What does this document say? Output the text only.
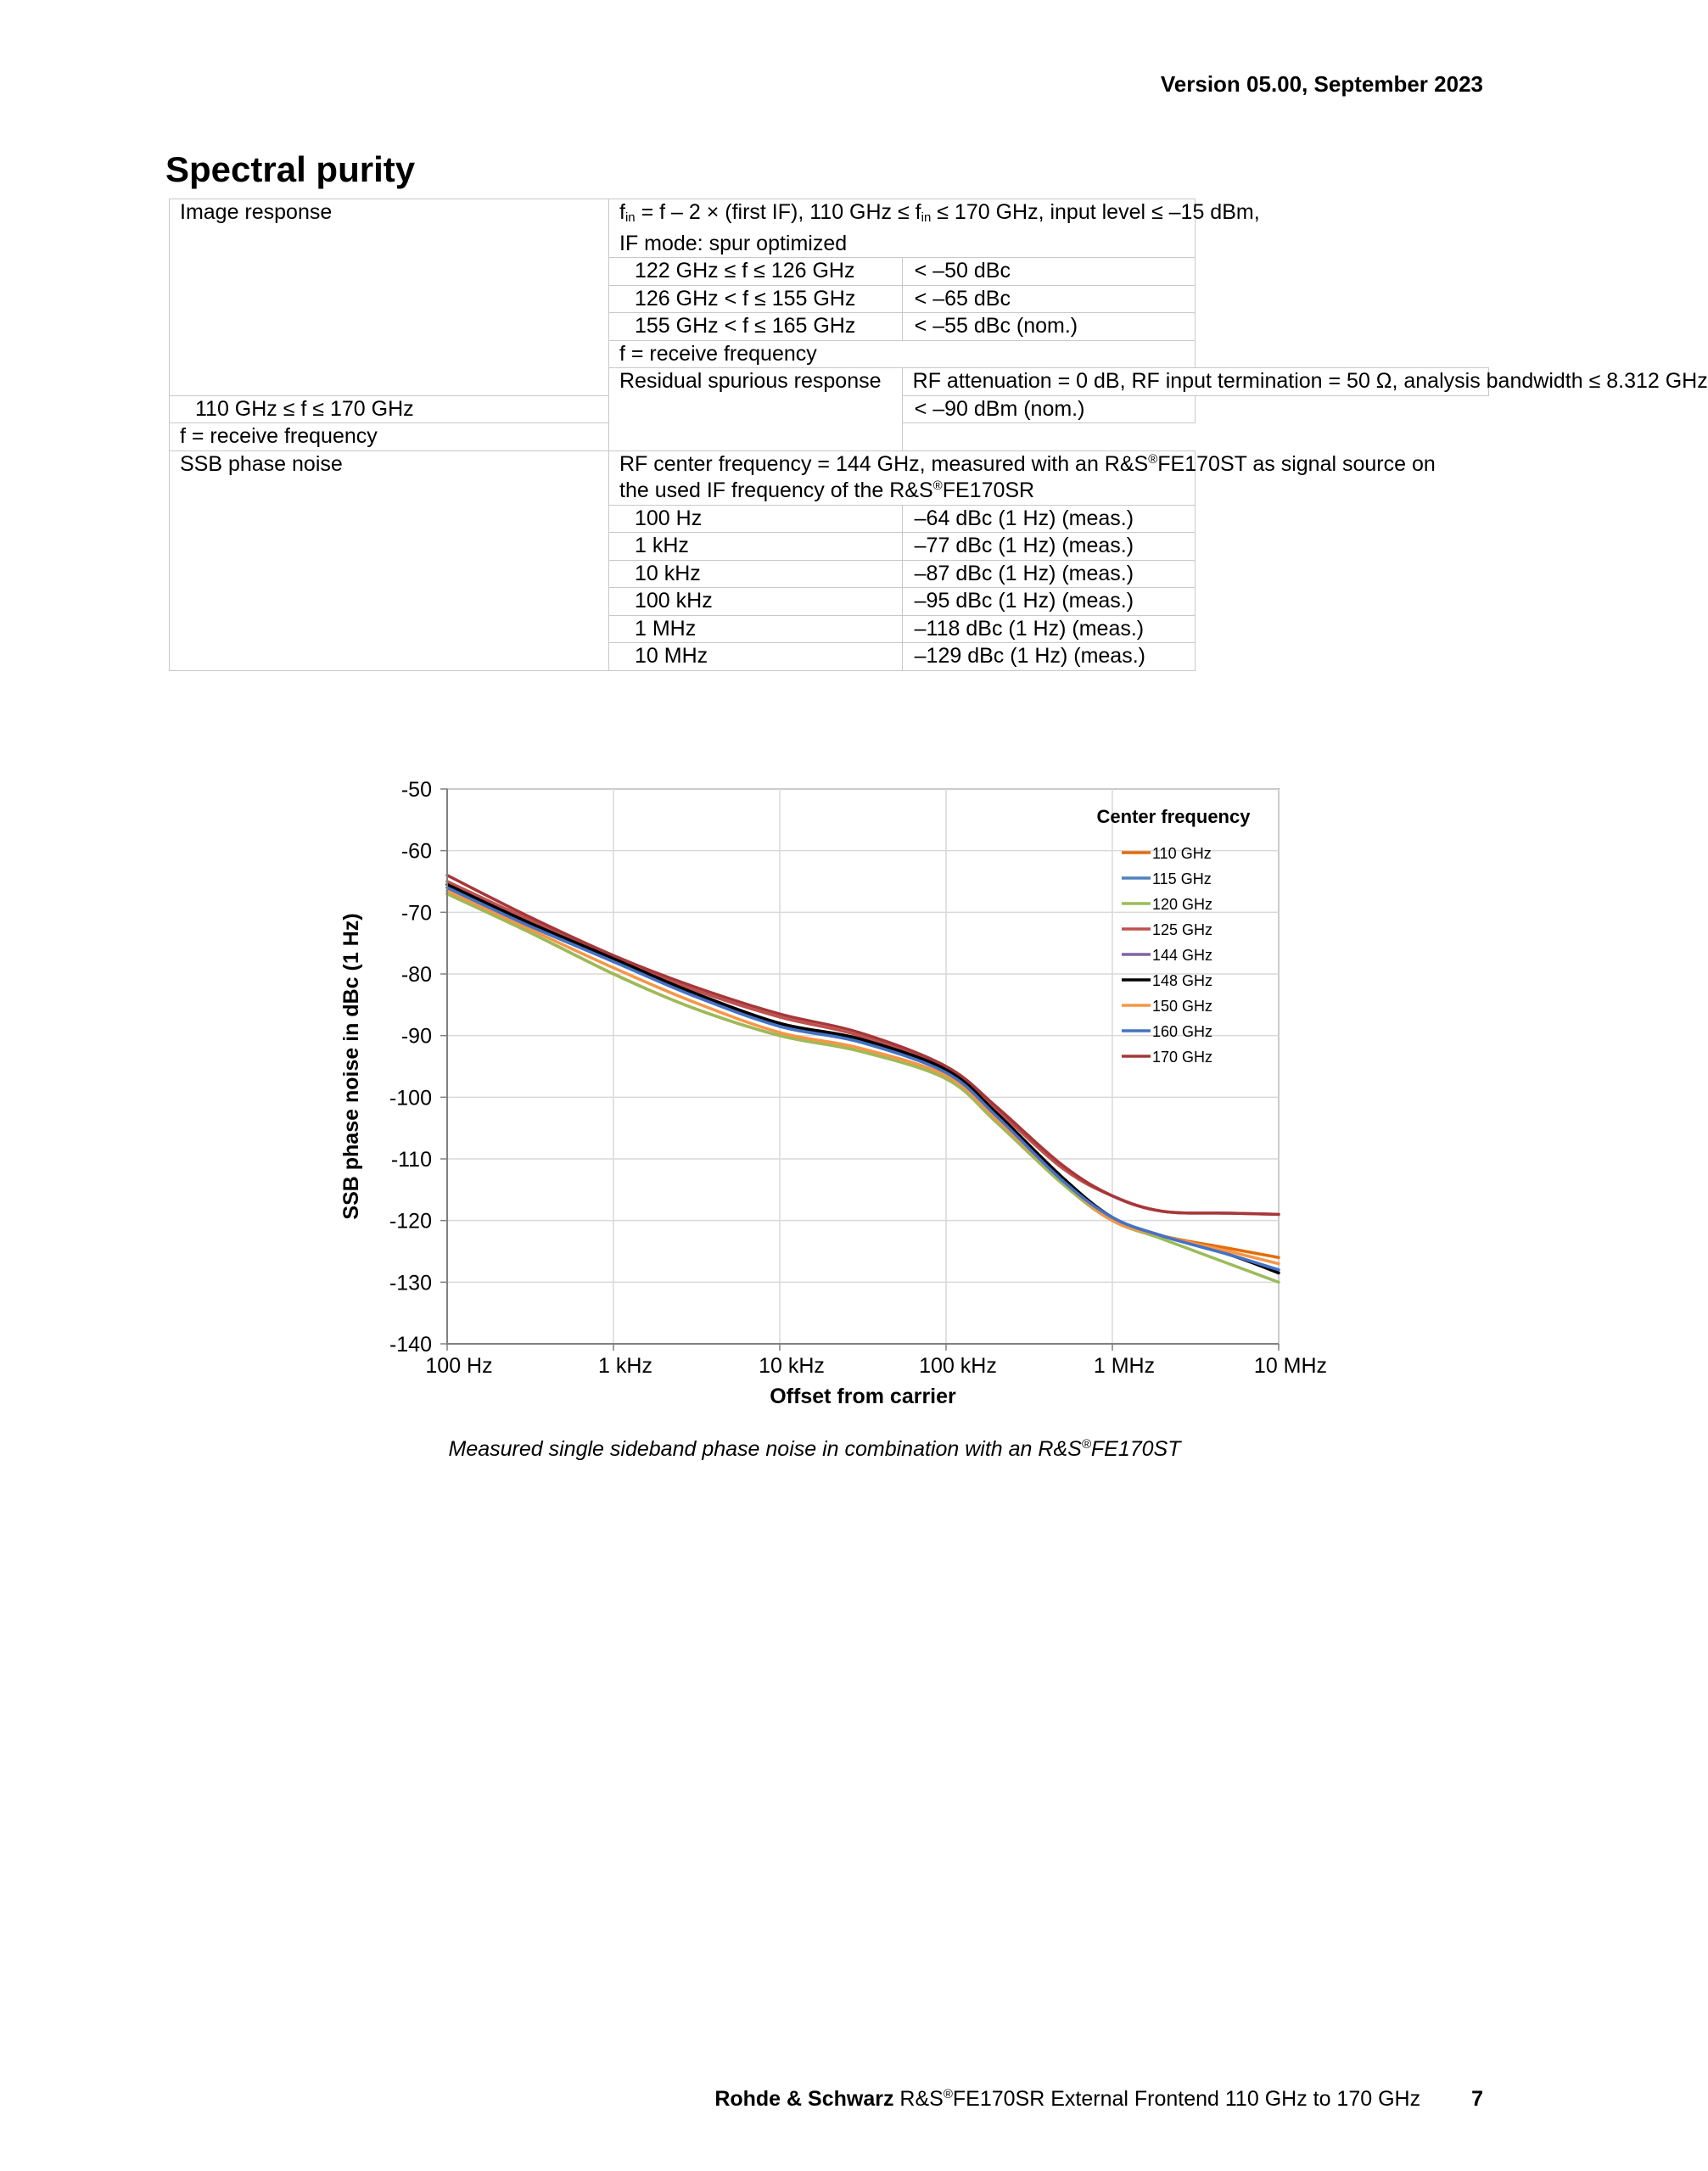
Version 05.00, September 2023
Spectral purity
Image response	$f_{in} = f - 2$ × (first IF), 110 GHz ≤ $f_{in} \le 170$ GHz, input level ≤ –15 dBm,
IF mode: spur optimized	
	122 GHz ≤ f ≤ 126 GHz	< –50 dBc
	126 GHz < f ≤ 155 GHz	< –65 dBc
	155 GHz < f ≤ 165 GHz	< –55 dBc (nom.)
	f = receive frequency	
	Residual spurious response	RF attenuation = 0 dB, RF input termination = 50 Ω, analysis bandwidth ≤ 8.312 GHz
110 GHz ≤ f ≤ 170 GHz		< –90 dBm (nom.)
f = receive frequency		
SSB phase noise	RF center frequency = 144 GHz, measured with an R&S®FE170ST as signal source on
the used IF frequency of the R&S®FE170SR	
	100 Hz	–64 dBc (1 Hz) (meas.)
	1 kHz	–77 dBc (1 Hz) (meas.)
	10 kHz	–87 dBc (1 Hz) (meas.)
	100 kHz	–95 dBc (1 Hz) (meas.)
	1 MHz	–118 dBc (1 Hz) (meas.)
	10 MHz	–129 dBc (1 Hz) (meas.)
-50
-60
-70
-80
-90
-100
-110
-120
-130
-140
100 Hz	1 kHz	10 kHz	100 kHz	1 MHz	10 MHz
Center frequency
110 GHz
115 GHz
120 GHz
125 GHz
144 GHz
148 GHz
150 GHz
160 GHz
170 GHz
Offset from carrier
SSB phase noise in dBc (1 Hz)
Measured single sideband phase noise in combination with an R&S®FE170ST
Rohde & Schwarz R&S®FE170SR External Frontend 110 GHz to 170 GHz 7
